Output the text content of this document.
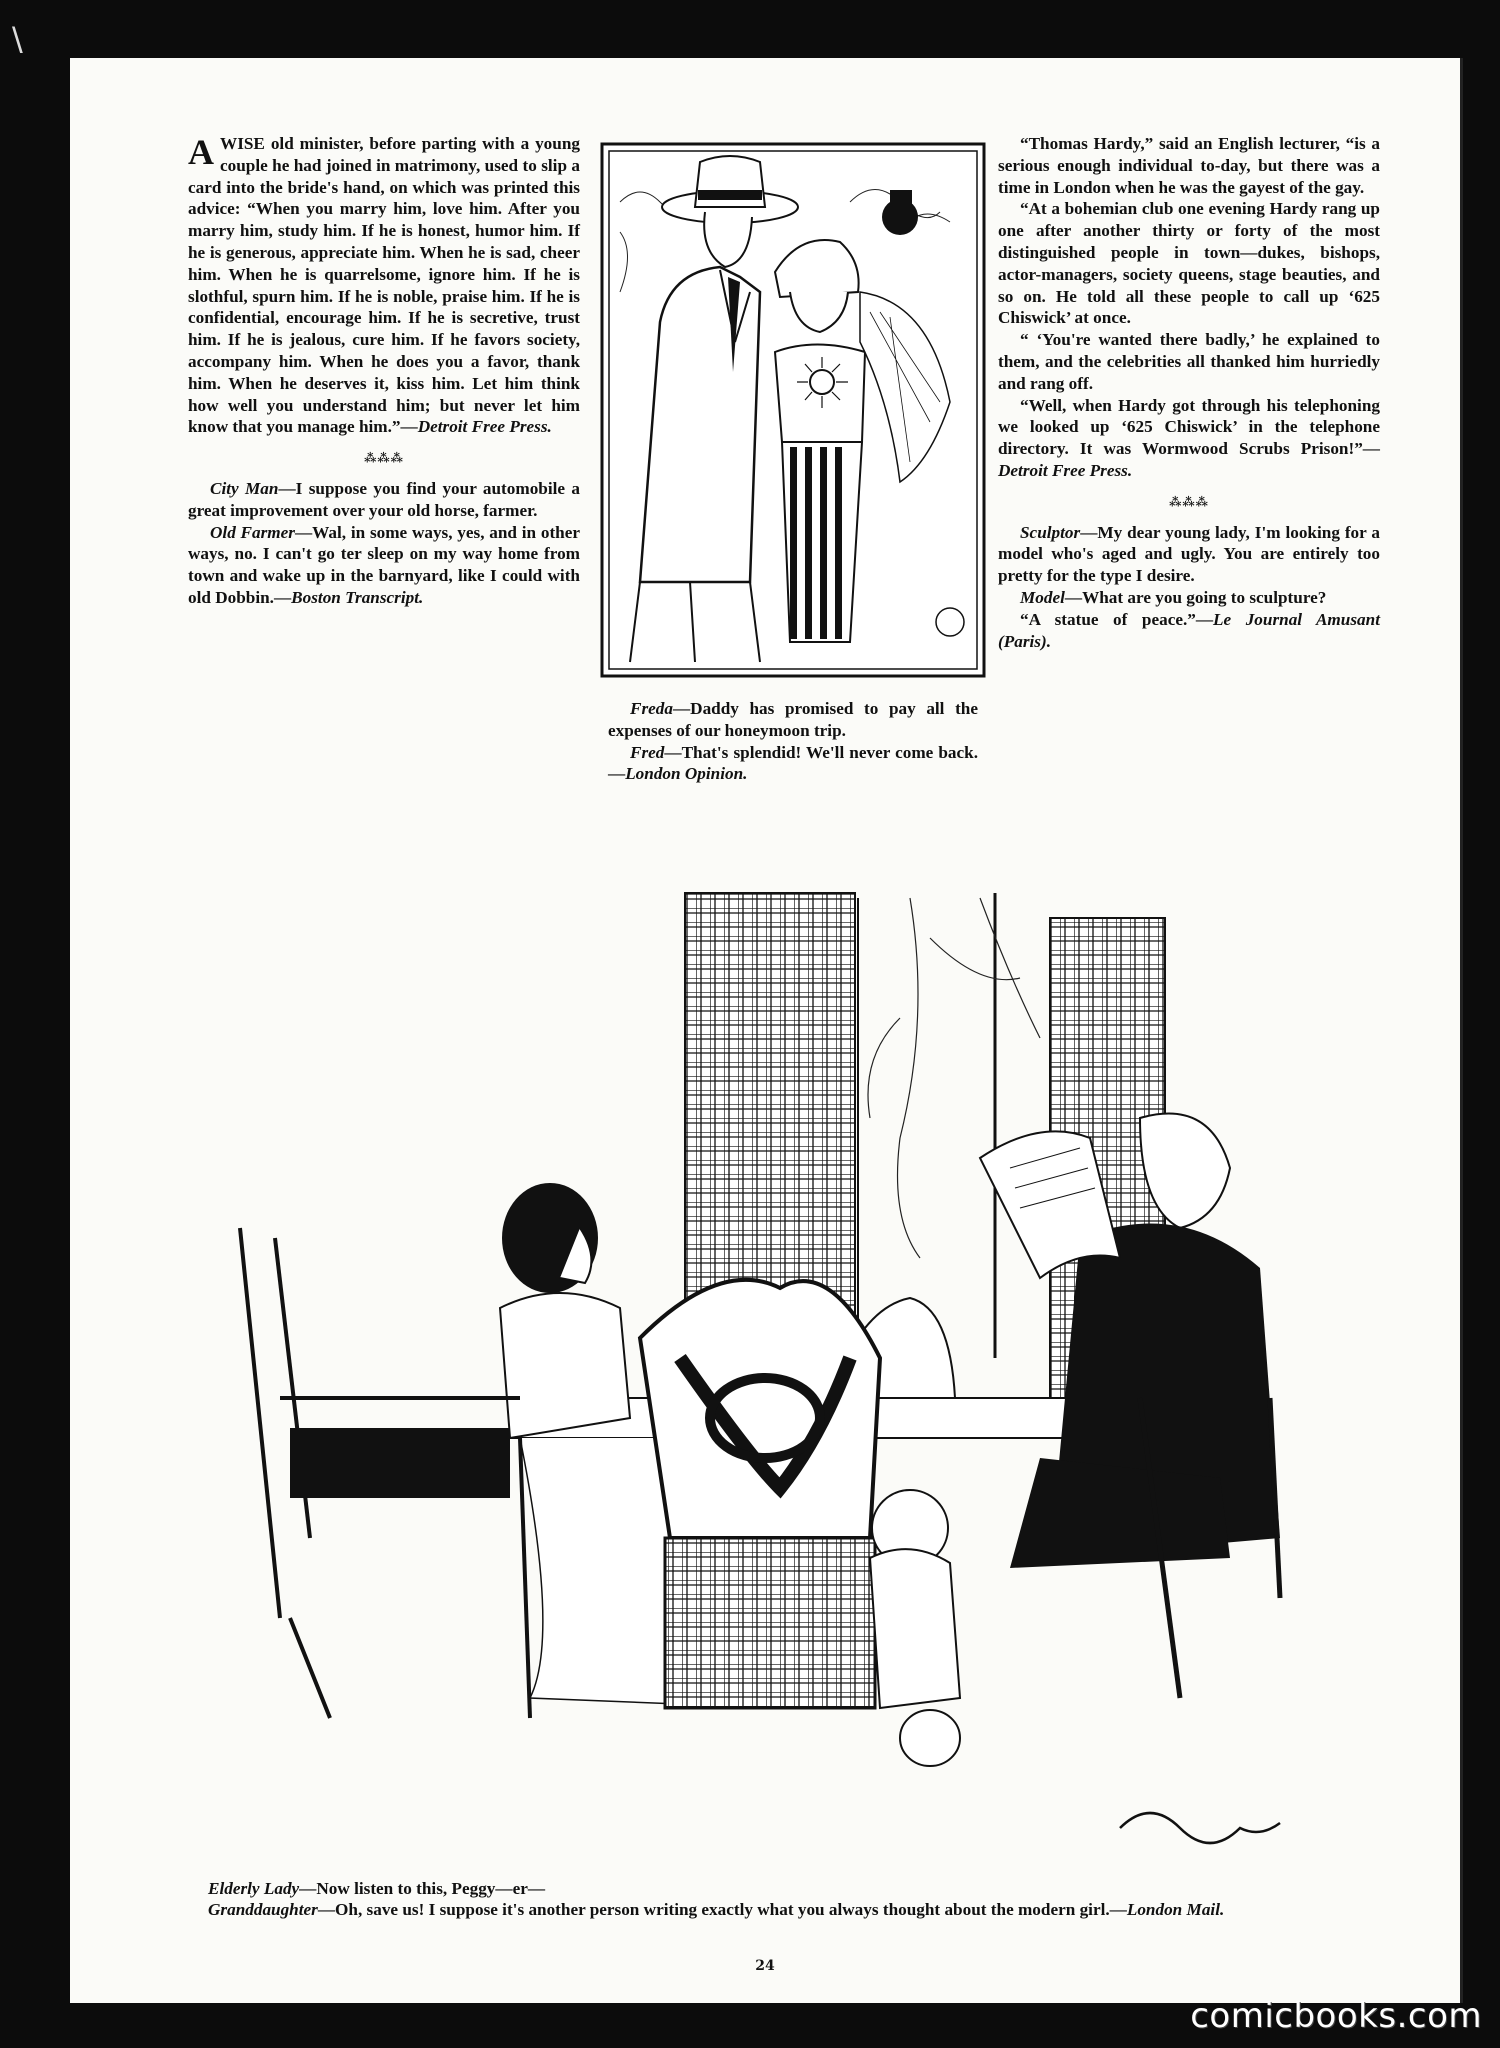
\

A WISE old minister, before parting with a young couple he had joined in matrimony, used to slip a card into the bride's hand, on which was printed this advice: “When you marry him, love him. After you marry him, study him. If he is honest, humor him. If he is generous, appreciate him. When he is sad, cheer him. When he is quarrelsome, ignore him. If he is slothful, spurn him. If he is noble, praise him. If he is confidential, encourage him. If he is secretive, trust him. If he is jealous, cure him. If he favors society, accompany him. When he does you a favor, thank him. When he deserves it, kiss him. Let him think how well you understand him; but never let him know that you manage him.”—Detroit Free Press.

⁂⁂⁂

City Man—I suppose you find your automobile a great improvement over your old horse, farmer.

Old Farmer—Wal, in some ways, yes, and in other ways, no. I can't go ter sleep on my way home from town and wake up in the barnyard, like I could with old Dobbin.—Boston Transcript.

Freda—Daddy has promised to pay all the expenses of our honeymoon trip.

Fred—That's splendid! We'll never come back.—London Opinion.

“Thomas Hardy,” said an English lecturer, “is a serious enough individual to-day, but there was a time in London when he was the gayest of the gay.

“At a bohemian club one evening Hardy rang up one after another thirty or forty of the most distinguished people in town—dukes, bishops, actor-managers, society queens, stage beauties, and so on. He told all these people to call up ‘625 Chiswick’ at once.

“ ‘You're wanted there badly,’ he explained to them, and the celebrities all thanked him hurriedly and rang off.

“Well, when Hardy got through his telephoning we looked up ‘625 Chiswick’ in the telephone directory. It was Wormwood Scrubs Prison!”—Detroit Free Press.

⁂⁂⁂

Sculptor—My dear young lady, I'm looking for a model who's aged and ugly. You are entirely too pretty for the type I desire.

Model—What are you going to sculpture?

“A statue of peace.”—Le Journal Amusant (Paris).

Elderly Lady—Now listen to this, Peggy—er—

Granddaughter—Oh, save us! I suppose it's another person writing exactly what you always thought about the modern girl.—London Mail.

24
comicbooks.com
